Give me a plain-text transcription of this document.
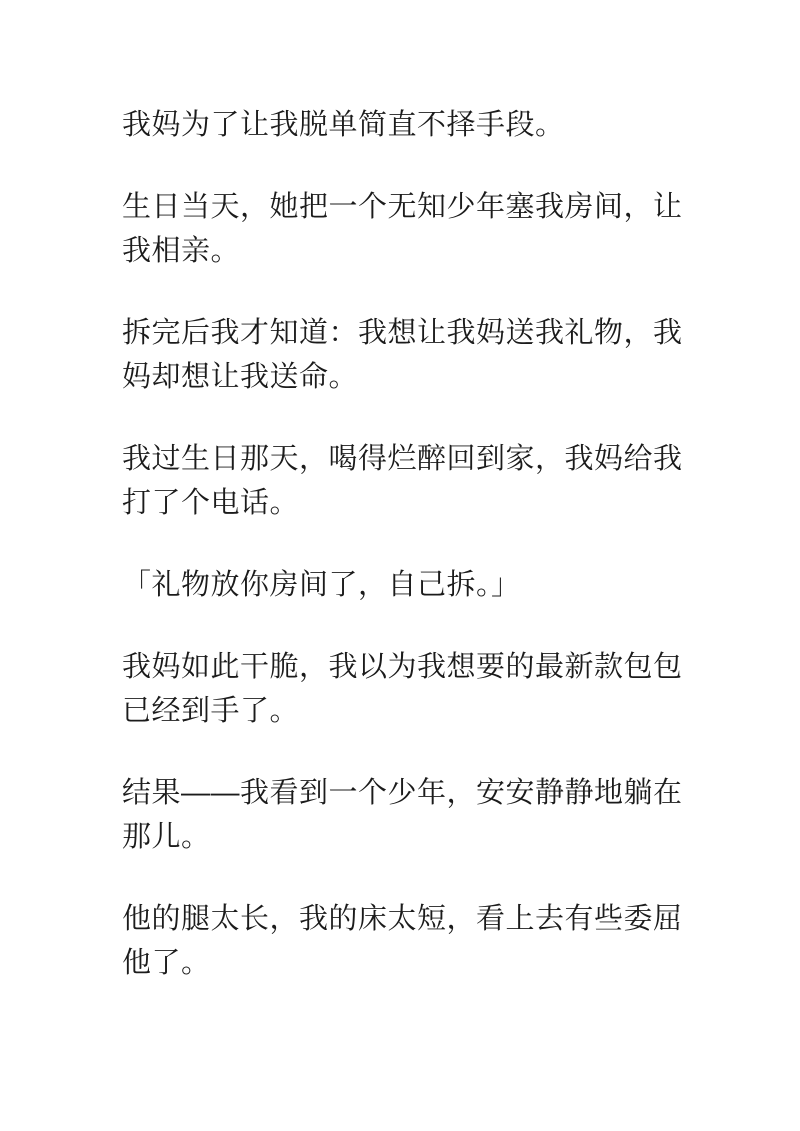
我妈为了让我脱单简直不择手段。
生日当天，她把一个无知少年塞我房间，让
我相亲。
拆完后我才知道：我想让我妈送我礼物，我
妈却想让我送命。
我过生日那天，喝得烂醉回到家，我妈给我
打了个电话。
「礼物放你房间了，自己拆。」
我妈如此干脆，我以为我想要的最新款包包
已经到手了。
结果——我看到一个少年，安安静静地躺在
那儿。
他的腿太长，我的床太短，看上去有些委屈
他了。
